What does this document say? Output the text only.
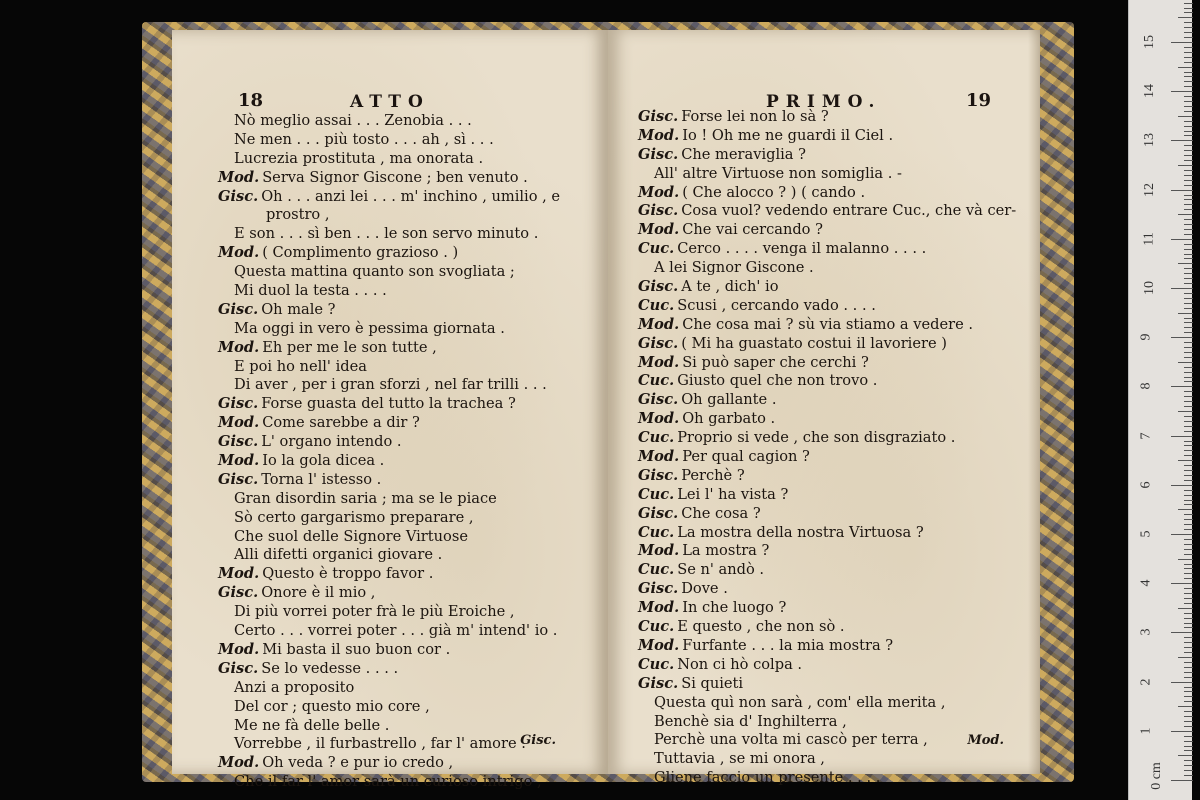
18	ATTO
Nò meglio assai . . . Zenobia . . .
Ne men . . . più tosto . . . ah , sì . . .
Lucrezia prostituta , ma onorata .
Mod. Serva Signor Giscone ; ben venuto .
Gisc. Oh . . . anzi lei . . . m' inchino , umilio , e
prostro ,
E son . . . sì ben . . . le son servo minuto .
Mod. ( Complimento grazioso . )
Questa mattina quanto son svogliata ;
Mi duol la testa . . . .
Gisc. Oh male ?
Ma oggi in vero è pessima giornata .
Mod. Eh per me le son tutte ,
E poi ho nell' idea
Di aver , per i gran sforzi , nel far trilli . . .
Gisc. Forse guasta del tutto la trachea ?
Mod. Come sarebbe a dir ?
Gisc. L' organo intendo .
Mod. Io la gola dicea .
Gisc. Torna l' istesso .
Gran disordin saria ; ma se le piace
Sò certo gargarismo preparare ,
Che suol delle Signore Virtuose
Alli difetti organici giovare .
Mod. Questo è troppo favor .
Gisc. Onore è il mio ,
Di più vorrei poter frà le più Eroiche ,
Certo . . . vorrei poter . . . già m' intend' io .
Mod. Mi basta il suo buon cor .
Gisc. Se lo vedesse . . . .
Anzi a proposito
Del cor ; questo mio core ,
Me ne fà delle belle .
Vorrebbe , il furbastrello , far l' amore .
Mod. Oh veda ? e pur io credo ,
Che il far l' amor sarà un curioso intrigo ,
Gisc.
PRIMO.	19
Gisc. Forse lei non lo sà ?
Mod. Io ! Oh me ne guardi il Ciel .
Gisc. Che meraviglia ?
All' altre Virtuose non somiglia . -
Mod. ( Che alocco ? ) ( cando .
Gisc. Cosa vuol? vedendo entrare Cuc., che và cer-
Mod. Che vai cercando ?
Cuc. Cerco . . . . venga il malanno . . . .
A lei Signor Giscone .
Gisc. A te , dich' io
Cuc. Scusi , cercando vado . . . .
Mod. Che cosa mai ? sù via stiamo a vedere .
Gisc. ( Mi ha guastato costui il lavoriere )
Mod. Si può saper che cerchi ?
Cuc. Giusto quel che non trovo .
Gisc. Oh gallante .
Mod. Oh garbato .
Cuc. Proprio si vede , che son disgraziato .
Mod. Per qual cagion ?
Gisc. Perchè ?
Cuc. Lei l' ha vista ?
Gisc. Che cosa ?
Cuc. La mostra della nostra Virtuosa ?
Mod. La mostra ?
Cuc. Se n' andò .
Gisc. Dove .
Mod. In che luogo ?
Cuc. E questo , che non sò .
Mod. Furfante . . . la mia mostra ?
Cuc. Non ci hò colpa .
Gisc. Si quieti
Questa quì non sarà , com' ella merita ,
Benchè sia d' Inghilterra ,
Perchè una volta mi cascò per terra ,
Tuttavia , se mi onora ,
Gliene faccio un presente . . . .
Mod.
0 cm
1
2
3
4
5
6
7
8
9
10
11
12
13
14
15
